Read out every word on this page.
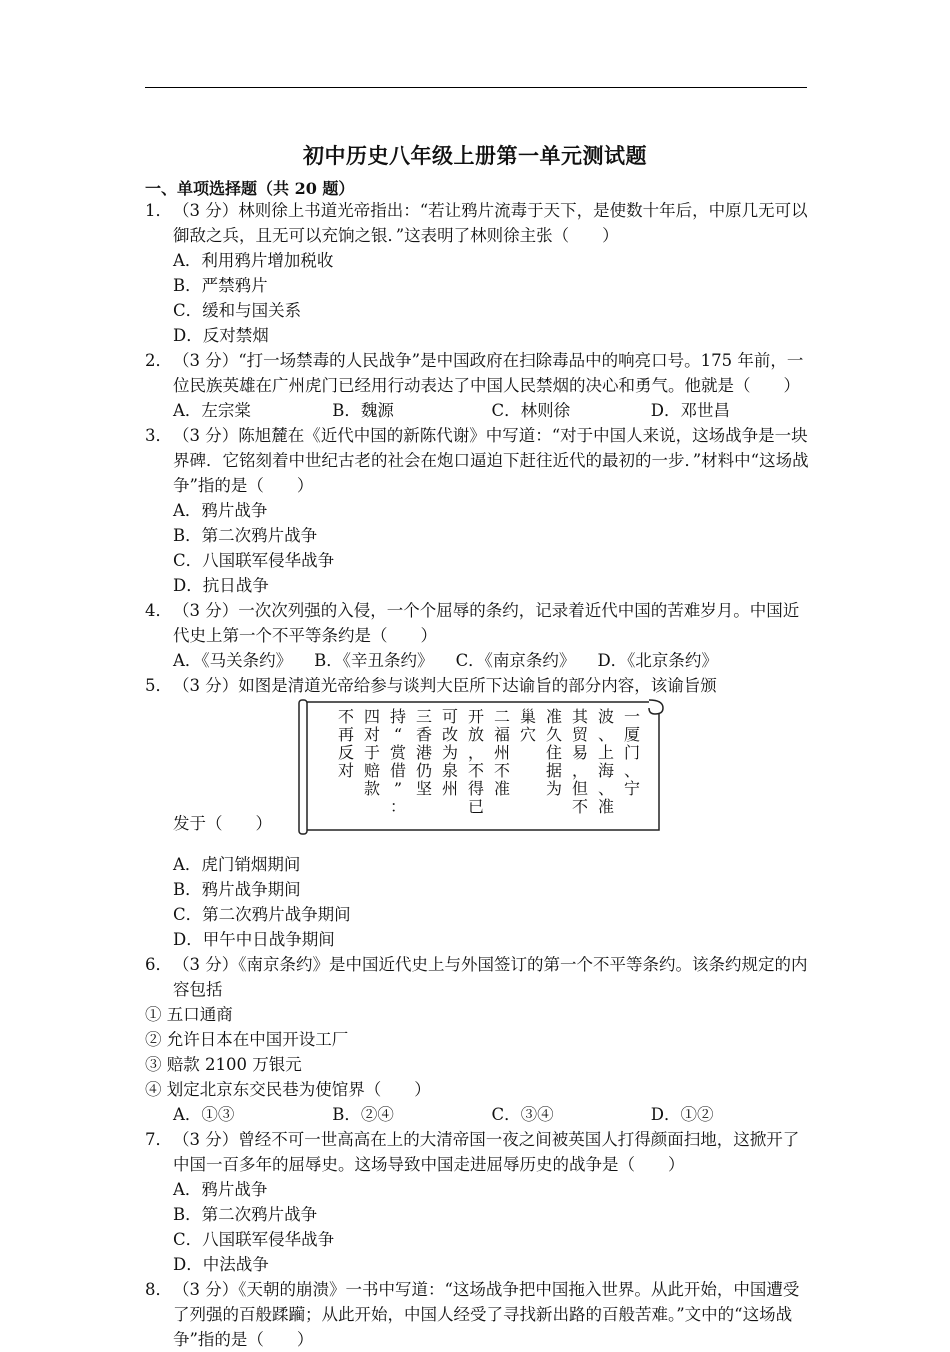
初中历史八年级上册第一单元测试题
一、单项选择题（共 20 题）
1． （3 分）林则徐上书道光帝指出：“若让鸦片流毒于天下，是使数十年后，中原几无可以御敌之兵，且无可以充饷之银．”这表明了林则徐主张（　　）
A．利用鸦片增加税收
B．严禁鸦片
C．缓和与国关系
D．反对禁烟
2． （3 分）“打一场禁毒的人民战争”是中国政府在扫除毒品中的响亮口号。175 年前，一位民族英雄在广州虎门已经用行动表达了中国人民禁烟的决心和勇气。他就是（　　）
A．左宗棠	B．魏源	C．林则徐	D．邓世昌
3． （3 分）陈旭麓在《近代中国的新陈代谢》中写道：“对于中国人来说，这场战争是一块界碑．它铭刻着中世纪古老的社会在炮口逼迫下赶往近代的最初的一步．”材料中“这场战争”指的是（　　）
A．鸦片战争
B．第二次鸦片战争
C．八国联军侵华战争
D．抗日战争
4． （3 分）一次次列强的入侵，一个个屈辱的条约，记录着近代中国的苦难岁月。中国近代史上第一个不平等条约是（　　）
A．《马关条约》 B．《辛丑条约》 C．《南京条约》 D．《北京条约》
5． （3 分）如图是清道光帝给参与谈判大臣所下达谕旨的部分内容，该谕旨颁
发于（　　）
一厦门、宁
波、上海、准
其贸易，但不
准久住据为
巢穴
二福州不准
开放，不得已
可改为泉州
三香港仍坚
持“赏借”：
四对于赔款
不再反对
A．虎门销烟期间
B．鸦片战争期间
C．第二次鸦片战争期间
D．甲午中日战争期间
6． （3 分）《南京条约》是中国近代史上与外国签订的第一个不平等条约。该条约规定的内容包括
① 五口通商
② 允许日本在中国开设工厂
③ 赔款 2100 万银元
④ 划定北京东交民巷为使馆界（　　）
A．①③	B．②④	C．③④	D．①②
7． （3 分）曾经不可一世高高在上的大清帝国一夜之间被英国人打得颜面扫地，这掀开了中国一百多年的屈辱史。这场导致中国走进屈辱历史的战争是（　　）
A．鸦片战争
B．第二次鸦片战争
C．八国联军侵华战争
D．中法战争
8． （3 分）《天朝的崩溃》一书中写道：“这场战争把中国拖入世界。从此开始，中国遭受了列强的百般蹂躏；从此开始，中国人经受了寻找新出路的百般苦难。”文中的“这场战争”指的是（　　）
